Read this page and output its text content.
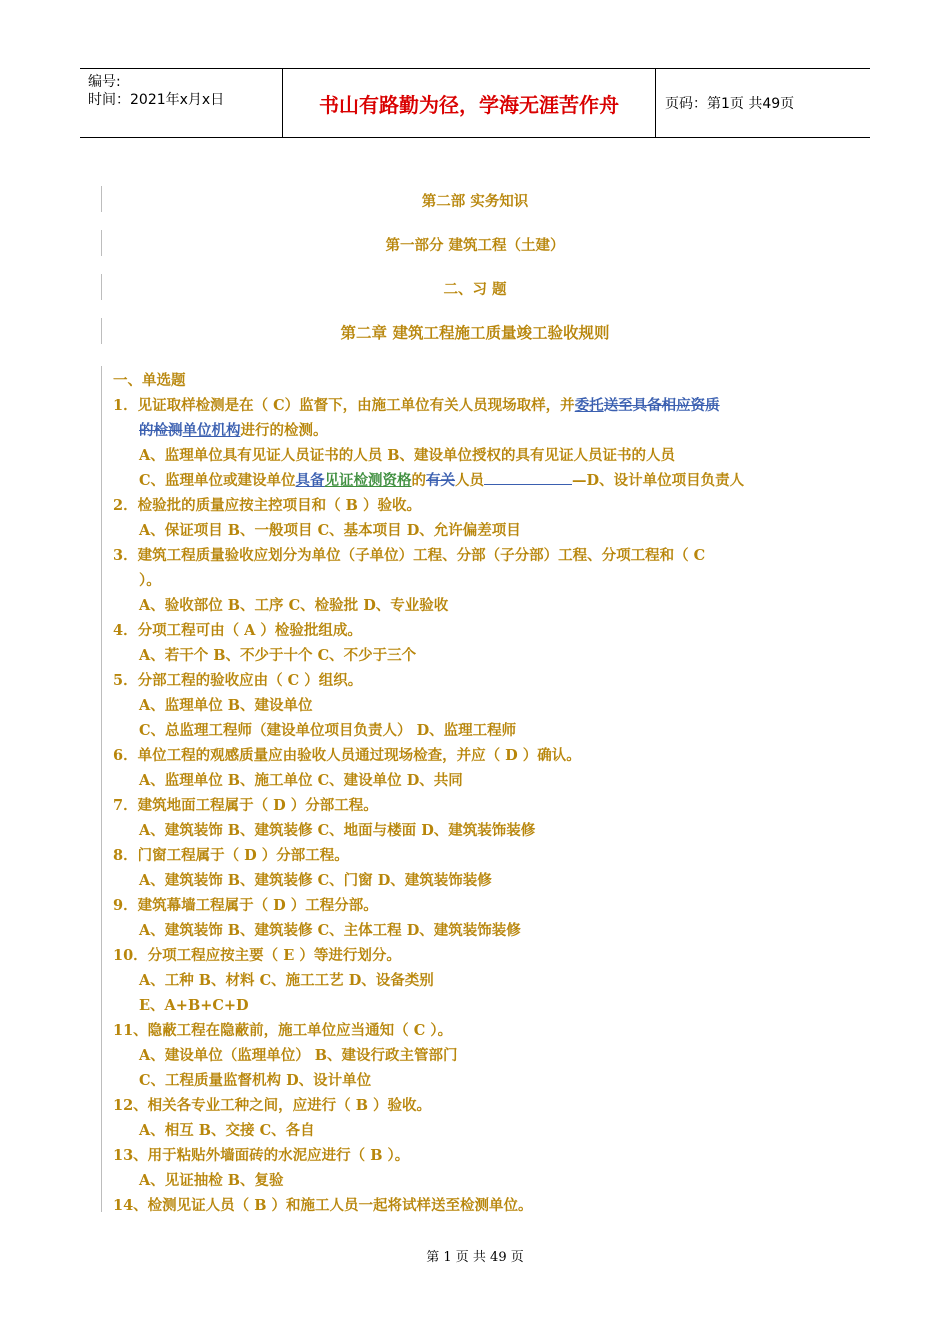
编号:
时间：2021年x月x日	书山有路勤为径，学海无涯苦作舟	页码：第1页 共49页
第二部 实务知识
第一部分 建筑工程（土建）
二、习 题
第二章 建筑工程施工质量竣工验收规则
一、单选题
1．见证取样检测是在（ C）监督下，由施工单位有关人员现场取样，并委托送至具备相应资质
的检测单位机构进行的检测。
A、监理单位具有见证人员证书的人员 B、建设单位授权的具有见证人员证书的人员
C、监理单位或建设单位具备见证检测资格的有关人员	—D、设计单位项目负责人
2．检验批的质量应按主控项目和（ B ）验收。
A、保证项目 B、一般项目 C、基本项目 D、允许偏差项目
3．建筑工程质量验收应划分为单位（子单位）工程、分部（子分部）工程、分项工程和（ C
）。
A、验收部位 B、工序 C、检验批 D、专业验收
4．分项工程可由（ A ）检验批组成。
A、若干个 B、不少于十个 C、不少于三个
5．分部工程的验收应由（ C ）组织。
A、监理单位 B、建设单位
C、总监理工程师（建设单位项目负责人） D、监理工程师
6．单位工程的观感质量应由验收人员通过现场检查，并应（ D ）确认。
A、监理单位 B、施工单位 C、建设单位 D、共同
7．建筑地面工程属于（ D ）分部工程。
A、建筑装饰 B、建筑装修 C、地面与楼面 D、建筑装饰装修
8．门窗工程属于（ D ）分部工程。
A、建筑装饰 B、建筑装修 C、门窗 D、建筑装饰装修
9．建筑幕墙工程属于（ D ）工程分部。
A、建筑装饰 B、建筑装修 C、主体工程 D、建筑装饰装修
10．分项工程应按主要（ E ）等进行划分。
A、工种 B、材料 C、施工工艺 D、设备类别
E、A+B+C+D
11、隐蔽工程在隐蔽前，施工单位应当通知（ C ）。
A、建设单位（监理单位） B、建设行政主管部门
C、工程质量监督机构 D、设计单位
12、相关各专业工种之间，应进行（ B ）验收。
A、相互 B、交接 C、各自
13、用于粘贴外墙面砖的水泥应进行（ B ）。
A、见证抽检 B、复验
14、检测见证人员（ B ）和施工人员一起将试样送至检测单位。
第 1 页 共 49 页
